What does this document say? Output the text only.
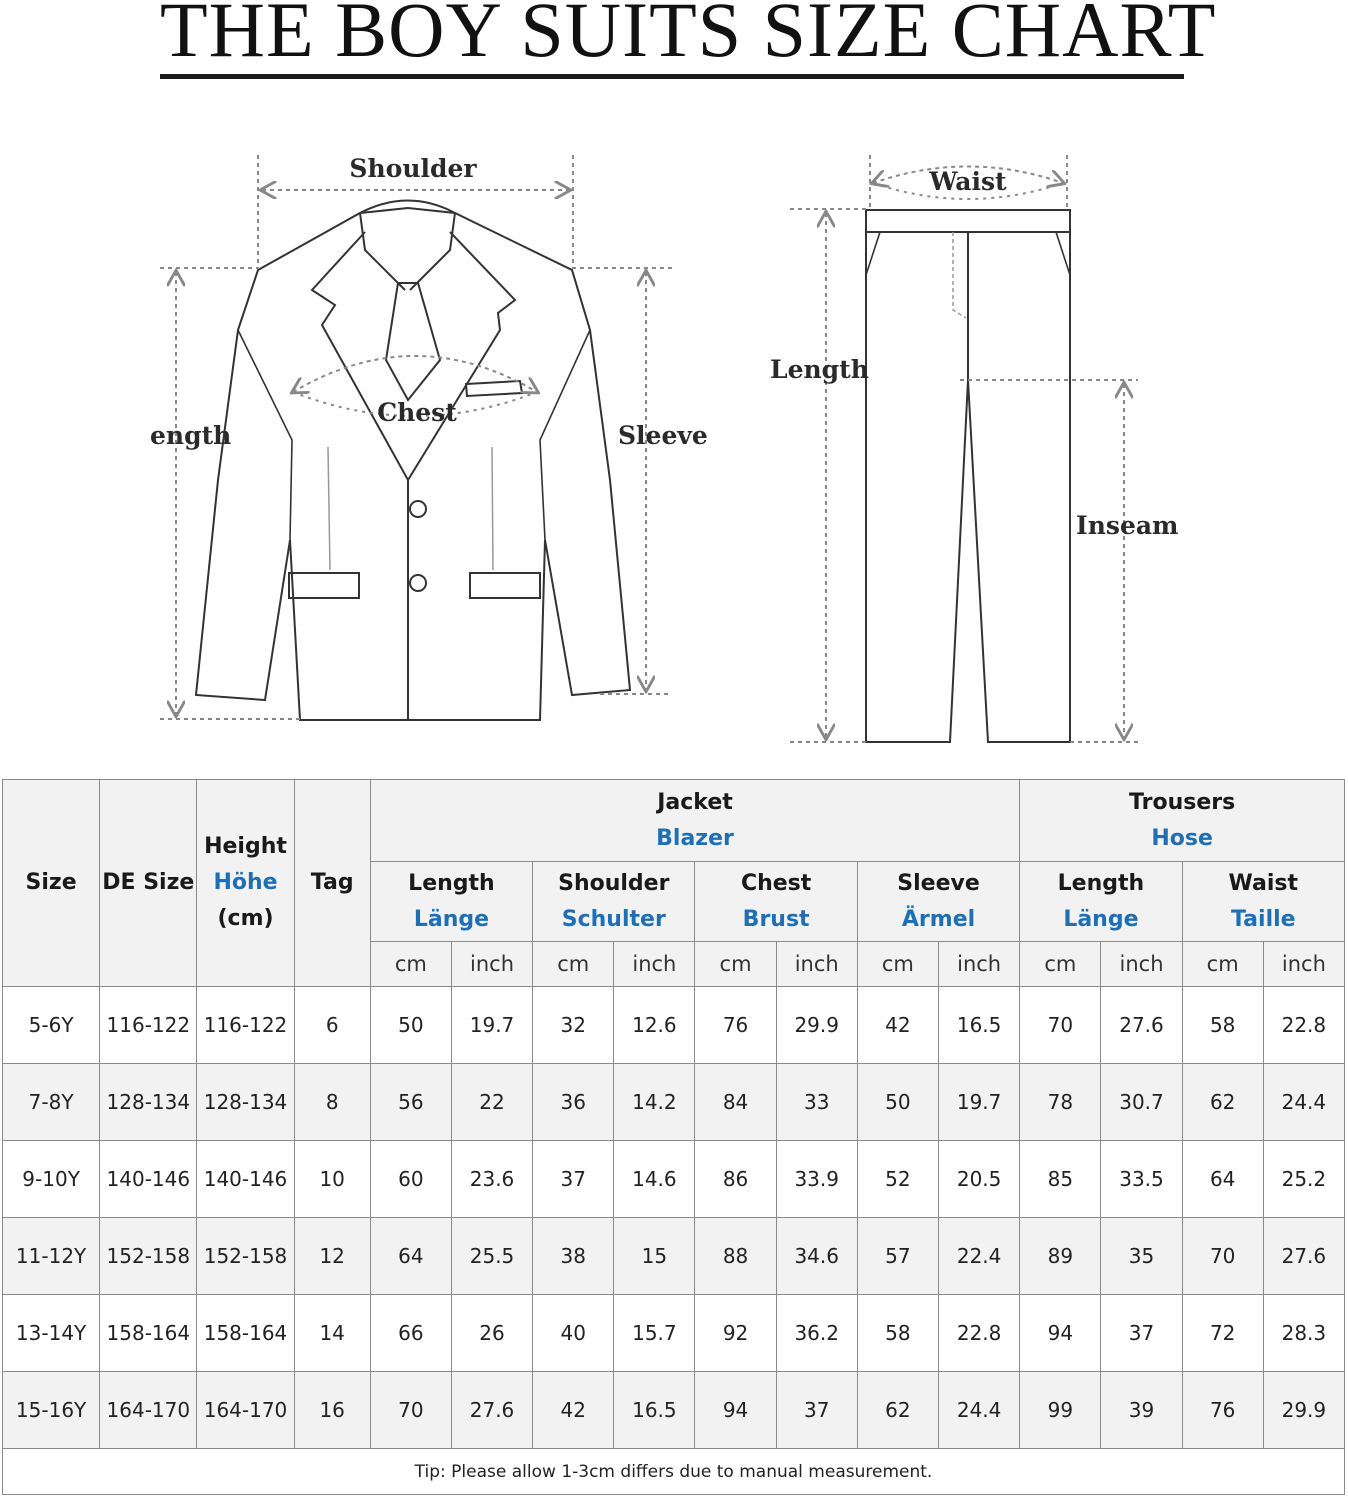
THE BOY SUITS SIZE CHART
Shoulder
Chest
ength	Sleeve
Waist
Length
Inseam
Size	DE Size	Height
Höhe
(cm)	Tag	Jacket
Blazer								Trousers
Hose			

				Length
Länge		Shoulder
Schulter		Chest
Brust		Sleeve
Ärmel		Length
Länge		Waist
Taille	

				cm	inch	cm	inch	cm	inch	cm	inch	cm	inch	cm	inch
5-6Y	116-122	116-122	6	50	19.7	32	12.6	76	29.9	42	16.5	70	27.6	58	22.8
7-8Y	128-134	128-134	8	56	22	36	14.2	84	33	50	19.7	78	30.7	62	24.4
9-10Y	140-146	140-146	10	60	23.6	37	14.6	86	33.9	52	20.5	85	33.5	64	25.2
11-12Y	152-158	152-158	12	64	25.5	38	15	88	34.6	57	22.4	89	35	70	27.6
13-14Y	158-164	158-164	14	66	26	40	15.7	92	36.2	58	22.8	94	37	72	28.3
15-16Y	164-170	164-170	16	70	27.6	42	16.5	94	37	62	24.4	99	39	76	29.9
Tip: Please allow 1-3cm differs due to manual measurement.															
